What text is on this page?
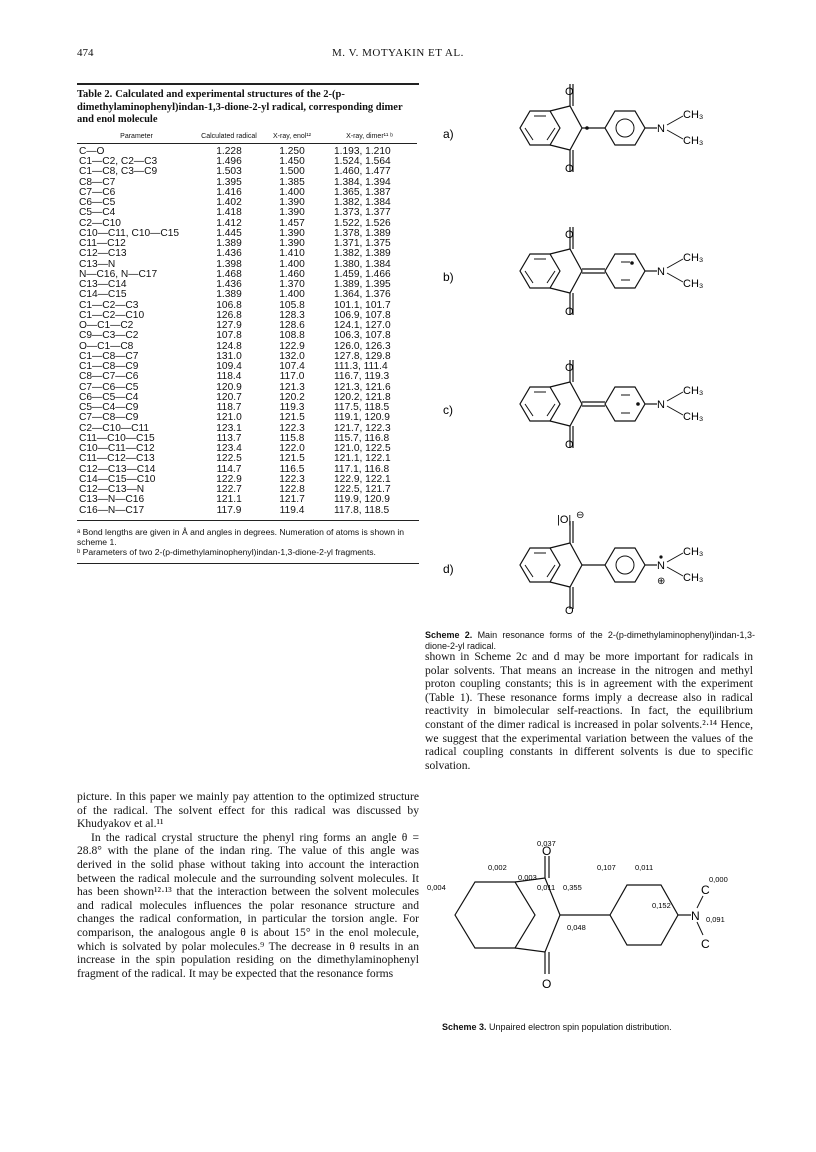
474	M. V. MOTYAKIN ET AL.
Table 2. Calculated and experimental structures of the 2-(p-dimethylaminophenyl)indan-1,3-dione-2-yl radical, corresponding dimer and enol molecule
Parameter	Calculated radical	X-ray, enol¹²	X-ray, dimer¹¹ ᵇ

C—O	1.228	1.250	1.193, 1.210
C1—C2, C2—C3	1.496	1.450	1.524, 1.564
C1—C8, C3—C9	1.503	1.500	1.460, 1.477
C8—C7	1.395	1.385	1.384, 1.394
C7—C6	1.416	1.400	1.365, 1.387
C6—C5	1.402	1.390	1.382, 1.384
C5—C4	1.418	1.390	1.373, 1.377
C2—C10	1.412	1.457	1.522, 1.526
C10—C11, C10—C15	1.445	1.390	1.378, 1.389
C11—C12	1.389	1.390	1.371, 1.375
C12—C13	1.436	1.410	1.382, 1.389
C13—N	1.398	1.400	1.380, 1.384
N—C16, N—C17	1.468	1.460	1.459, 1.466
C13—C14	1.436	1.370	1.389, 1.395
C14—C15	1.389	1.400	1.364, 1.376
C1—C2—C3	106.8	105.8	101.1, 101.7
C1—C2—C10	126.8	128.3	106.9, 107.8
O—C1—C2	127.9	128.6	124.1, 127.0
C9—C3—C2	107.8	108.8	106.3, 107.8
O—C1—C8	124.8	122.9	126.0, 126.3
C1—C8—C7	131.0	132.0	127.8, 129.8
C1—C8—C9	109.4	107.4	111.3, 111.4
C8—C7—C6	118.4	117.0	116.7, 119.3
C7—C6—C5	120.9	121.3	121.3, 121.6
C6—C5—C4	120.7	120.2	120.2, 121.8
C5—C4—C9	118.7	119.3	117.5, 118.5
C7—C8—C9	121.0	121.5	119.1, 120.9
C2—C10—C11	123.1	122.3	121.7, 122.3
C11—C10—C15	113.7	115.8	115.7, 116.8
C10—C11—C12	123.4	122.0	121.0, 122.5
C11—C12—C13	122.5	121.5	121.1, 122.1
C12—C13—C14	114.7	116.5	117.1, 116.8
C14—C15—C10	122.9	122.3	122.9, 122.1
C12—C13—N	122.7	122.8	122.5, 121.7
C13—N—C16	121.1	121.7	119.9, 120.9
C16—N—C17	117.9	119.4	117.8, 118.5

ᵃ Bond lengths are given in Å and angles in degrees. Numeration of atoms is shown in scheme 1.

ᵇ Parameters of two 2-(p-dimethylaminophenyl)indan-1,3-dione-2-yl fragments.

picture. In this paper we mainly pay attention to the optimized structure of the radical. The solvent effect for this radical was discussed by Khudyakov et al.¹¹

In the radical crystal structure the phenyl ring forms an angle θ = 28.8° with the plane of the indan ring. The value of this angle was derived in the solid phase without taking into account the interaction between the radical molecule and the surrounding solvent molecules. It has been shown¹²·¹³ that the interaction between the solvent molecules and radical molecules influences the polar resonance structure and changes the radical conformation, in particular the torsion angle. For comparison, the analogous angle θ is about 15° in the enol molecule, which is solvated by polar molecules.⁹ The decrease in θ results in an increase in the spin population residing on the dimethylaminophenyl fragment of the radical. It may be expected that the resonance forms

a)
O
O
N
CH₃
CH₃
b)
O
O
N
CH₃
CH₃
c)
O
O
N
CH₃
CH₃
d)
|O| ⊖
O
N
⊕
CH₃
CH₃
Scheme 2. Main resonance forms of the 2-(p-dimethylaminophenyl)indan-1,3-dione-2-yl radical.

shown in Scheme 2c and d may be more important for radicals in polar solvents. That means an increase in the nitrogen and methyl proton coupling constants; this is in agreement with the experiment (Table 1). These resonance forms imply a decrease also in radical reactivity in bimolecular self-reactions. In fact, the equilibrium constant of the dimer radical is increased in polar solvents.²·¹⁴ Hence, we suggest that the experimental variation between the values of the radical coupling constants in different solvents is due to specific solvation.

O
O
N
C
C
0,037
0,002
0,003
0,004	0,011 0,355
0,048
0,107	0,011
0,152
0,000
0,091
Scheme 3. Unpaired electron spin population distribution.
